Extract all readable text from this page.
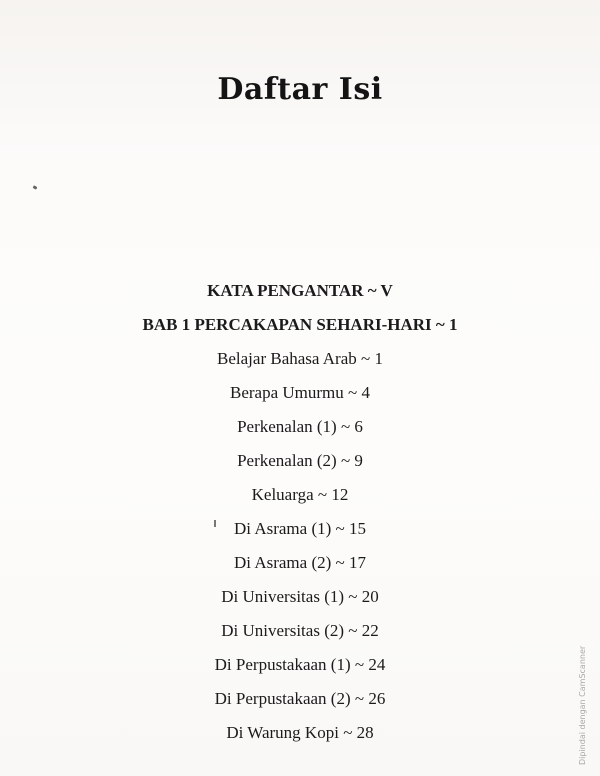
Daftar Isi
KATA PENGANTAR ~ V
BAB 1 PERCAKAPAN SEHARI-HARI ~ 1
Belajar Bahasa Arab ~ 1
Berapa Umurmu ~ 4
Perkenalan (1) ~ 6
Perkenalan (2) ~ 9
Keluarga ~ 12
Di Asrama (1) ~ 15
Di Asrama (2) ~ 17
Di Universitas (1) ~ 20
Di Universitas (2) ~ 22
Di Perpustakaan (1) ~ 24
Di Perpustakaan (2) ~ 26
Di Warung Kopi ~ 28	Dipindai dengan CamScanner
